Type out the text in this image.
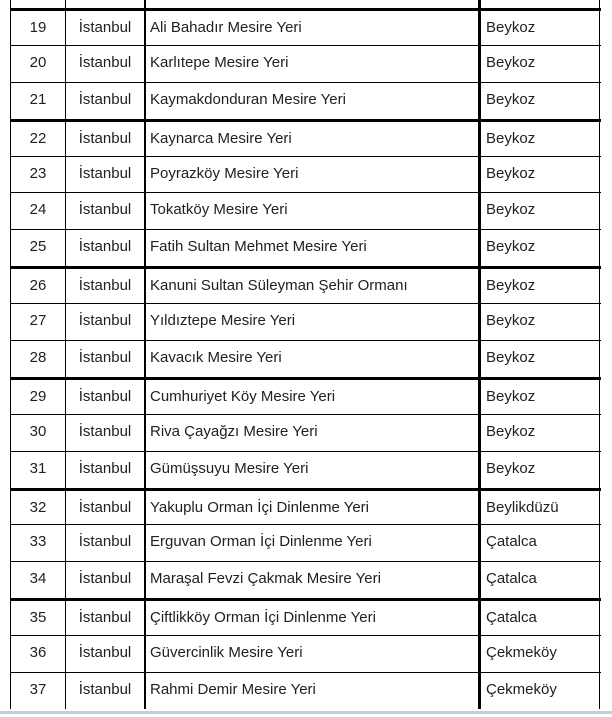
19	İstanbul	Ali Bahadır Mesire Yeri	Beykoz
20	İstanbul	Karlıtepe Mesire Yeri	Beykoz
21	İstanbul	Kaymakdonduran Mesire Yeri	Beykoz
22	İstanbul	Kaynarca Mesire Yeri	Beykoz
23	İstanbul	Poyrazköy Mesire Yeri	Beykoz
24	İstanbul	Tokatköy Mesire Yeri	Beykoz
25	İstanbul	Fatih Sultan Mehmet Mesire Yeri	Beykoz
26	İstanbul	Kanuni Sultan Süleyman Şehir Ormanı	Beykoz
27	İstanbul	Yıldıztepe Mesire Yeri	Beykoz
28	İstanbul	Kavacık Mesire Yeri	Beykoz
29	İstanbul	Cumhuriyet Köy Mesire Yeri	Beykoz
30	İstanbul	Riva Çayağzı Mesire Yeri	Beykoz
31	İstanbul	Gümüşsuyu Mesire Yeri	Beykoz
32	İstanbul	Yakuplu Orman İçi Dinlenme Yeri	Beylikdüzü
33	İstanbul	Erguvan Orman İçi Dinlenme Yeri	Çatalca
34	İstanbul	Maraşal Fevzi Çakmak Mesire Yeri	Çatalca
35	İstanbul	Çiftlikköy Orman İçi Dinlenme Yeri	Çatalca
36	İstanbul	Güvercinlik Mesire Yeri	Çekmeköy
37	İstanbul	Rahmi Demir Mesire Yeri	Çekmeköy
